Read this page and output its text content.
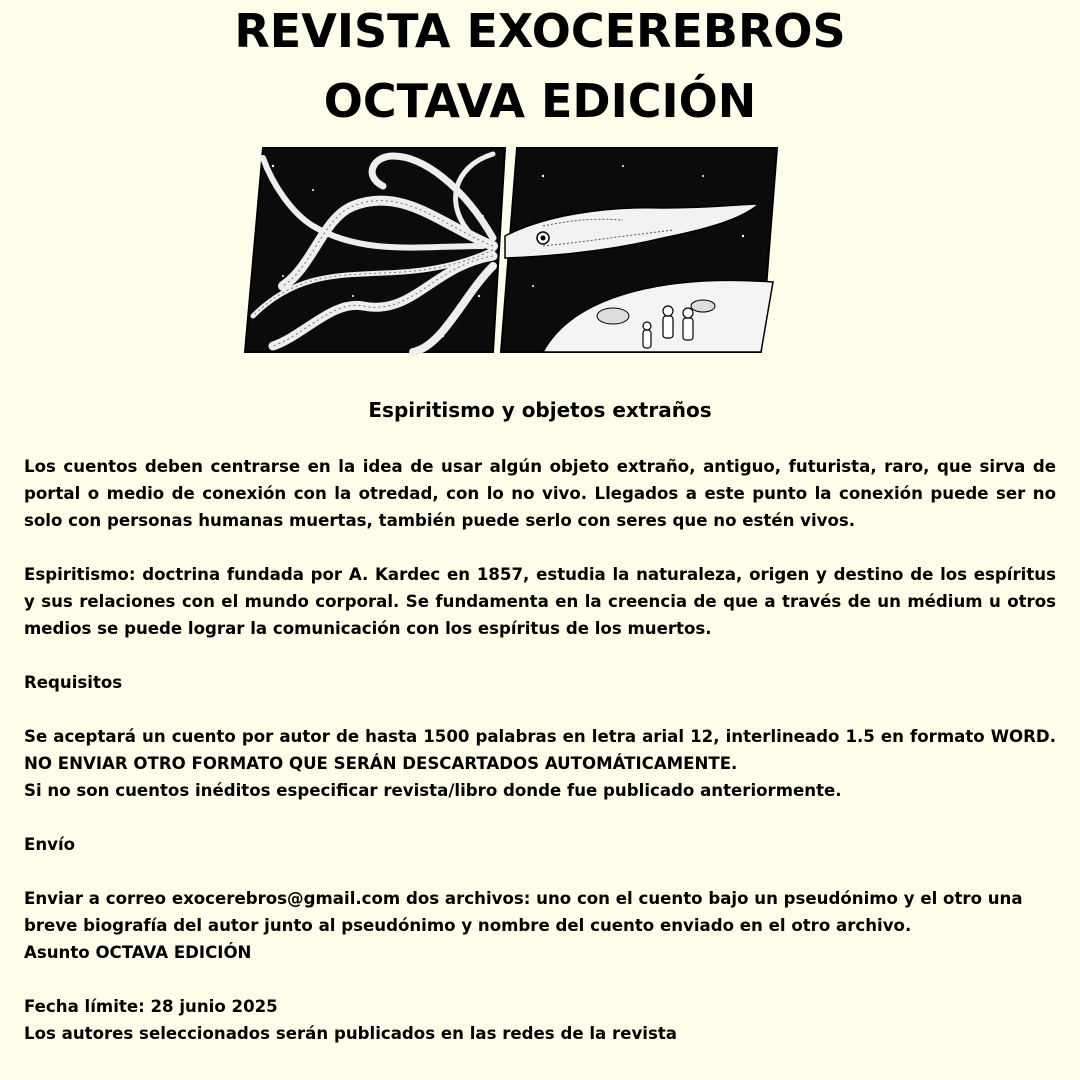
REVISTA EXOCEREBROS
OCTAVA EDICIÓN
Espiritismo y objetos extraños

Los cuentos deben centrarse en la idea de usar algún objeto extraño, antiguo, futurista, raro, que sirva de portal o medio de conexión con la otredad, con lo no vivo. Llegados a este punto la conexión puede ser no solo con personas humanas muertas, también puede serlo con seres que no estén vivos.

Espiritismo: doctrina fundada por A. Kardec en 1857, estudia la naturaleza, origen y destino de los espíritus y sus relaciones con el mundo corporal. Se fundamenta en la creencia de que a través de un médium u otros medios se puede lograr la comunicación con los espíritus de los muertos.

Requisitos

Se aceptará un cuento por autor de hasta 1500 palabras en letra arial 12, interlineado 1.5 en formato WORD. NO ENVIAR OTRO FORMATO QUE SERÁN DESCARTADOS AUTOMÁTICAMENTE.
Si no son cuentos inéditos especificar revista/libro donde fue publicado anteriormente.

Envío

Enviar a correo exocerebros@gmail.com dos archivos: uno con el cuento bajo un pseudónimo y el otro una breve biografía del autor junto al pseudónimo y nombre del cuento enviado en el otro archivo.
Asunto OCTAVA EDICIÓN
Fecha límite: 28 junio 2025
Los autores seleccionados serán publicados en las redes de la revista
